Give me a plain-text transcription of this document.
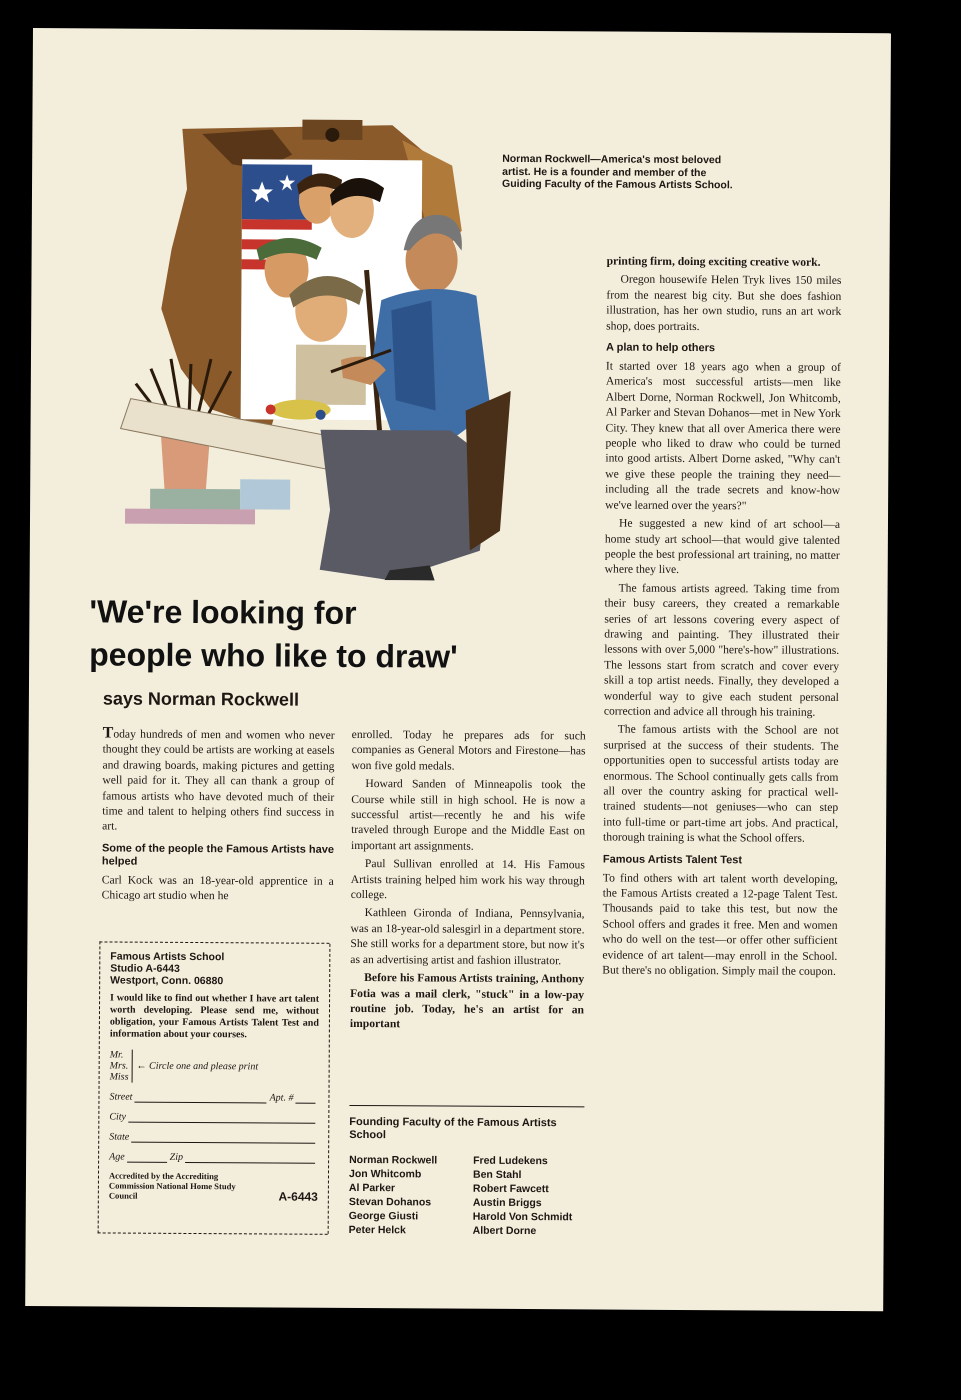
Norman Rockwell—America's most beloved artist. He is a founder and member of the Guiding Faculty of the Famous Artists School.
'We're looking for
people who like to draw'
says Norman Rockwell

Today hundreds of men and women who never thought they could be artists are working at easels and drawing boards, making pictures and getting well paid for it. They all can thank a group of famous artists who have devoted much of their time and talent to helping others find success in art.

Some of the people the Famous Artists have helped

Carl Kock was an 18-year-old apprentice in a Chicago art studio when he

Famous Artists School
Studio A-6443
Westport, Conn. 06880
I would like to find out whether I have art talent worth developing. Please send me, without obligation, your Famous Artists Talent Test and information about your courses.
Mr.
Mrs.
Miss
← Circle one and please print
Street	Apt. #
City
State
Age	Zip
Accredited by the Accrediting Commission National Home Study Council	A-6443

enrolled. Today he prepares ads for such companies as General Motors and Firestone—has won five gold medals.

Howard Sanden of Minneapolis took the Course while still in high school. He is now a successful artist—recently he and his wife traveled through Europe and the Middle East on important art assignments.

Paul Sullivan enrolled at 14. His Famous Artists training helped him work his way through college.

Kathleen Gironda of Indiana, Pennsylvania, was an 18-year-old salesgirl in a department store. She still works for a department store, but now it's as an advertising artist and fashion illustrator.

Before his Famous Artists training, Anthony Fotia was a mail clerk, "stuck" in a low-pay routine job. Today, he's an artist for an important

Founding Faculty of the Famous Artists School
Norman Rockwell	Fred Ludekens
Jon Whitcomb	Ben Stahl
Al Parker	Robert Fawcett
Stevan Dohanos	Austin Briggs
George Giusti	Harold Von Schmidt
Peter Helck	Albert Dorne

printing firm, doing exciting creative work.

Oregon housewife Helen Tryk lives 150 miles from the nearest big city. But she does fashion illustration, has her own studio, runs an art work shop, does portraits.

A plan to help others

It started over 18 years ago when a group of America's most successful artists—men like Albert Dorne, Norman Rockwell, Jon Whitcomb, Al Parker and Stevan Dohanos—met in New York City. They knew that all over America there were people who liked to draw who could be turned into good artists. Albert Dorne asked, "Why can't we give these people the training they need—including all the trade secrets and know-how we've learned over the years?"

He suggested a new kind of art school—a home study art school—that would give talented people the best professional art training, no matter where they live.

The famous artists agreed. Taking time from their busy careers, they created a remarkable series of art lessons covering every aspect of drawing and painting. They illustrated their lessons with over 5,000 "here's-how" illustrations. The lessons start from scratch and cover every skill a top artist needs. Finally, they developed a wonderful way to give each student personal correction and advice all through his training.

The famous artists with the School are not surprised at the success of their students. The opportunities open to successful artists today are enormous. The School continually gets calls from all over the country asking for practical well-trained students—not geniuses—who can step into full-time or part-time art jobs. And practical, thorough training is what the School offers.

Famous Artists Talent Test

To find others with art talent worth developing, the Famous Artists created a 12-page Talent Test. Thousands paid to take this test, but now the School offers and grades it free. Men and women who do well on the test—or offer other sufficient evidence of art talent—may enroll in the School. But there's no obligation. Simply mail the coupon.
